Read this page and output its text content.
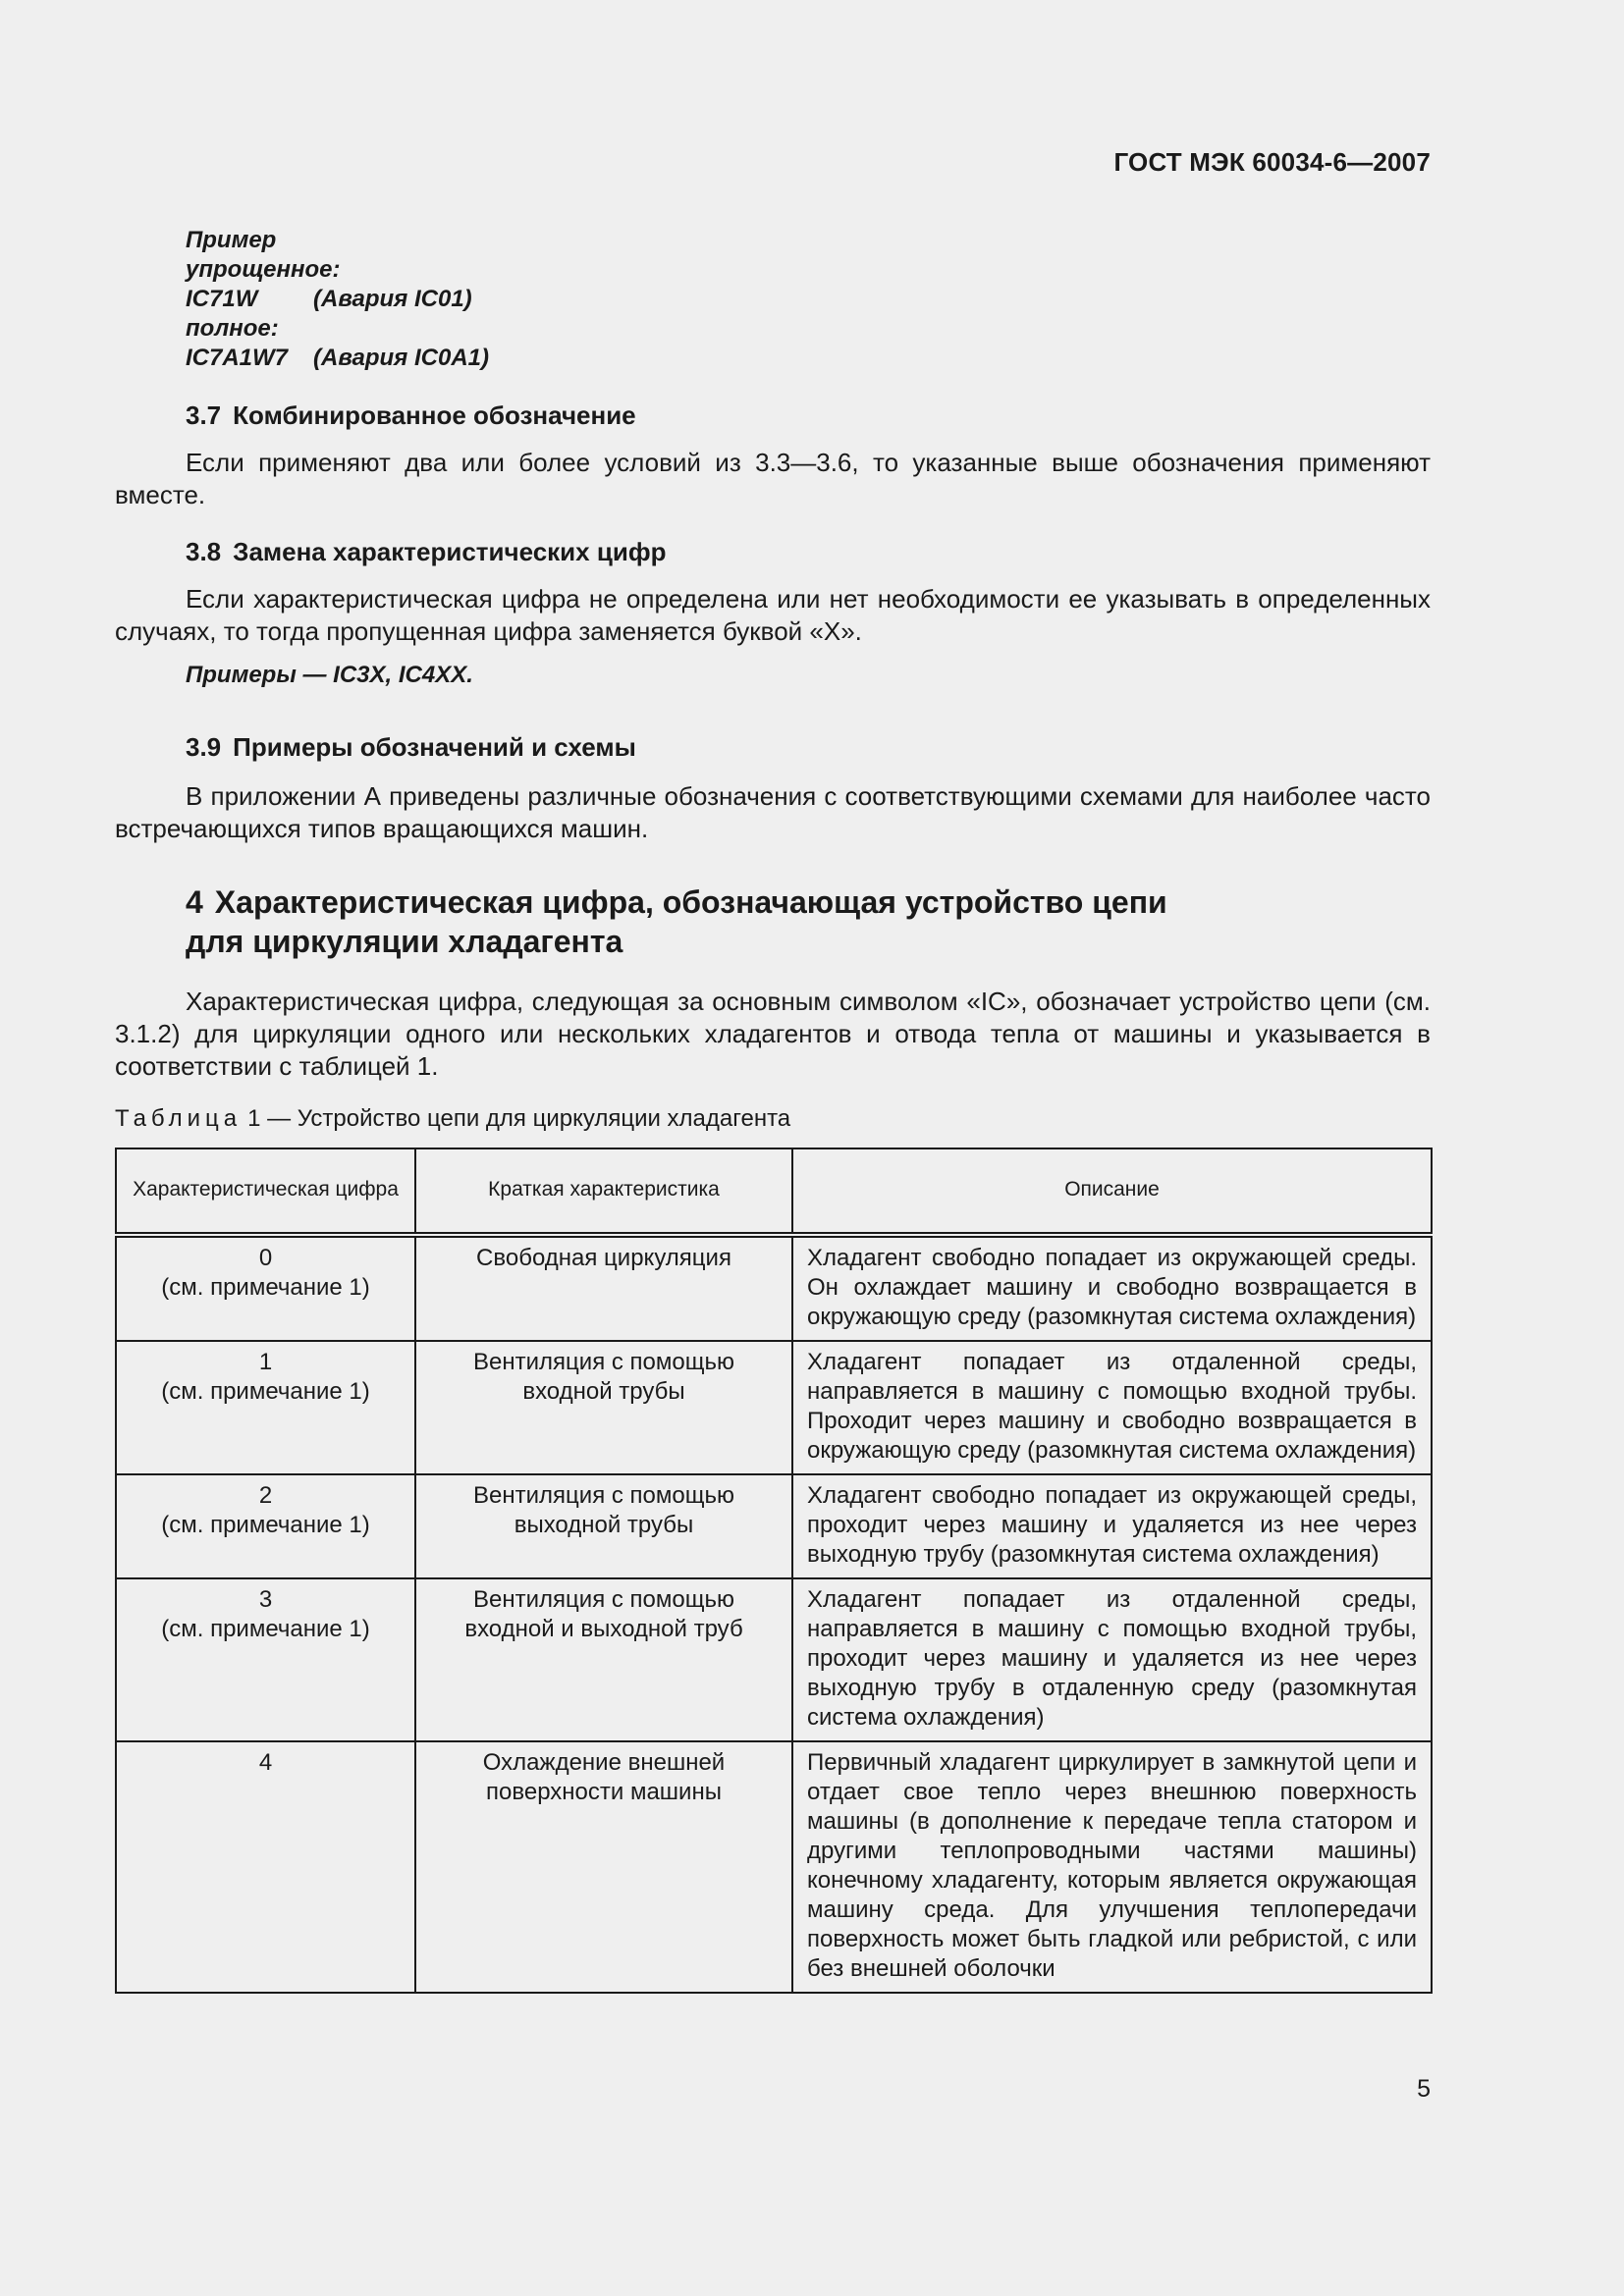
ГОСТ МЭК 60034-6—2007
Пример
упрощенное:
IC71W	(Авария IC01)
полное:
IC7A1W7	(Авария IC0A1)
3.7 Комбинированное обозначение
Если применяют два или более условий из 3.3—3.6, то указанные выше обозначения применяют вместе.
3.8 Замена характеристических цифр
Если характеристическая цифра не определена или нет необходимости ее указывать в определенных случаях, то тогда пропущенная цифра заменяется буквой «X».
Примеры — IC3X, IC4XX.
3.9 Примеры обозначений и схемы
В приложении А приведены различные обозначения с соответствующими схемами для наиболее часто встречающихся типов вращающихся машин.
4 Характеристическая цифра, обозначающая устройство цепи
для циркуляции хладагента
Характеристическая цифра, следующая за основным символом «IC», обозначает устройство цепи (см. 3.1.2) для циркуляции одного или нескольких хладагентов и отвода тепла от машины и указывается в соответствии с таблицей 1.
Таблица 1 — Устройство цепи для циркуляции хладагента
Характеристическая цифра	Краткая характеристика	Описание

0
(см. примечание 1)	Свободная циркуляция	Хладагент свободно попадает из окружающей среды. Он охлаждает машину и свободно возвращается в окружающую среду (разомкнутая система охлаждения)

1
(см. примечание 1)	Вентиляция с помощью входной трубы	Хладагент попадает из отдаленной среды, направляется в машину с помощью входной трубы. Проходит через машину и свободно возвращается в окружающую среду (разомкнутая система охлаждения)

2
(см. примечание 1)	Вентиляция с помощью выходной трубы	Хладагент свободно попадает из окружающей среды, проходит через машину и удаляется из нее через выходную трубу (разомкнутая система охлаждения)

3
(см. примечание 1)	Вентиляция с помощью входной и выходной труб	Хладагент попадает из отдаленной среды, направляется в машину с помощью входной трубы, проходит через машину и удаляется из нее через выходную трубу в отдаленную среду (разомкнутая система охлаждения)

4	Охлаждение внешней поверхности машины	Первичный хладагент циркулирует в замкнутой цепи и отдает свое тепло через внешнюю поверхность машины (в дополнение к передаче тепла статором и другими теплопроводными частями машины) конечному хладагенту, которым является окружающая машину среда. Для улучшения теплопередачи поверхность может быть гладкой или ребристой, с или без внешней оболочки
5
